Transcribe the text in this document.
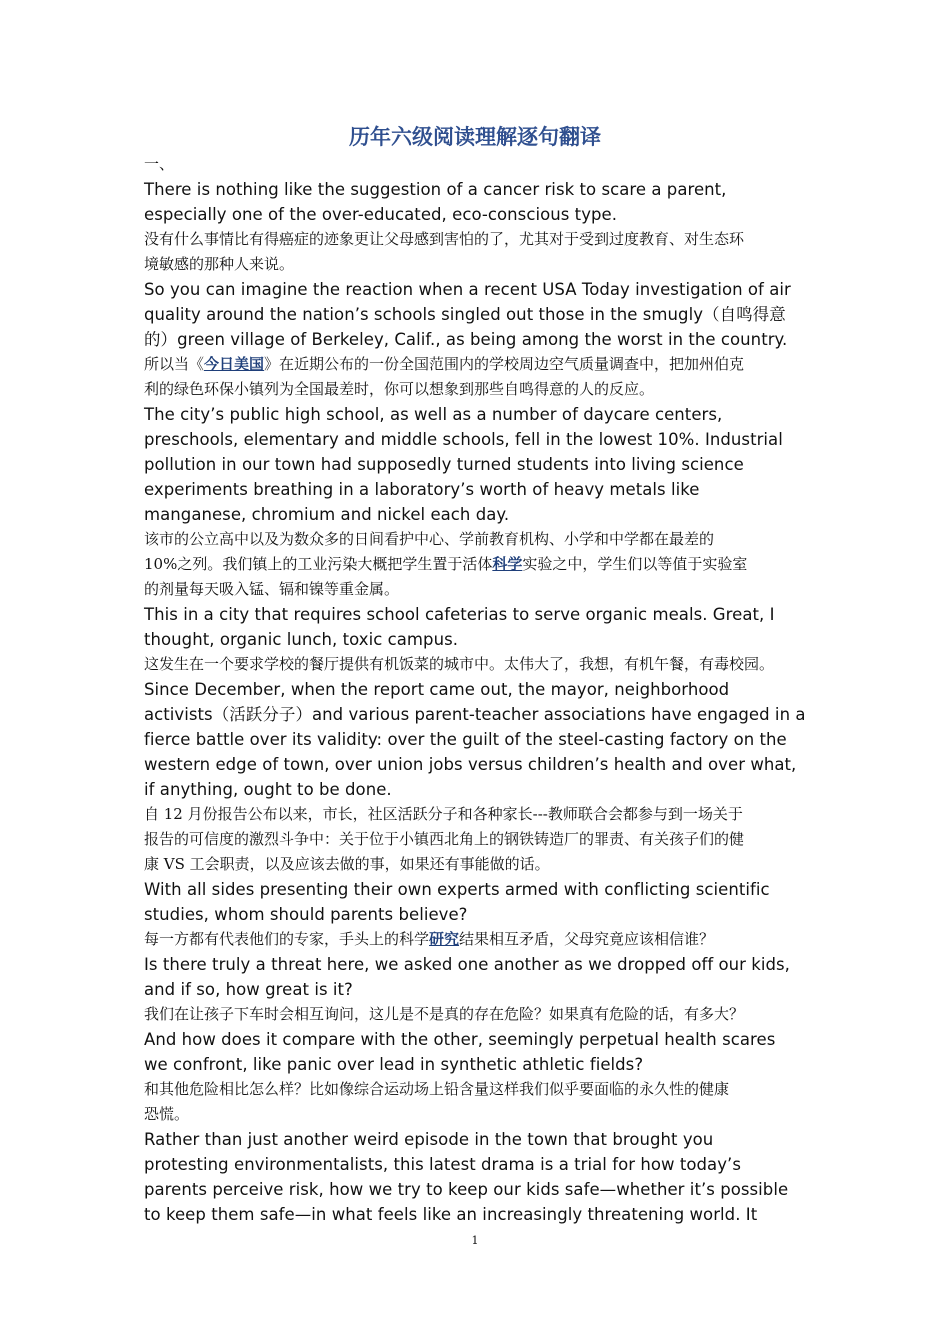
历年六级阅读理解逐句翻译

一、

There is nothing like the suggestion of a cancer risk to scare a parent,

especially one of the over-educated, eco-conscious type.

没有什么事情比有得癌症的迹象更让父母感到害怕的了，尤其对于受到过度教育、对生态环

境敏感的那种人来说。

So you can imagine the reaction when a recent USA Today investigation of air

quality around the nation’s schools singled out those in the smugly（自鸣得意

的）green village of Berkeley, Calif., as being among the worst in the country.

所以当《今日美国》在近期公布的一份全国范围内的学校周边空气质量调查中，把加州伯克

利的绿色环保小镇列为全国最差时，你可以想象到那些自鸣得意的人的反应。

The city’s public high school, as well as a number of daycare centers,

preschools, elementary and middle schools, fell in the lowest 10%. Industrial

pollution in our town had supposedly turned students into living science

experiments breathing in a laboratory’s worth of heavy metals like

manganese, chromium and nickel each day.

该市的公立高中以及为数众多的日间看护中心、学前教育机构、小学和中学都在最差的

10%之列。我们镇上的工业污染大概把学生置于活体科学实验之中，学生们以等值于实验室

的剂量每天吸入锰、镉和镍等重金属。

This in a city that requires school cafeterias to serve organic meals. Great, I

thought, organic lunch, toxic campus.

这发生在一个要求学校的餐厅提供有机饭菜的城市中。太伟大了，我想，有机午餐，有毒校园。

Since December, when the report came out, the mayor, neighborhood

activists（活跃分子）and various parent-teacher associations have engaged in a

fierce battle over its validity: over the guilt of the steel-casting factory on the

western edge of town, over union jobs versus children’s health and over what,

if anything, ought to be done.

自 12 月份报告公布以来，市长，社区活跃分子和各种家长---教师联合会都参与到一场关于

报告的可信度的激烈斗争中：关于位于小镇西北角上的钢铁铸造厂的罪责、有关孩子们的健

康 VS 工会职责，以及应该去做的事，如果还有事能做的话。

With all sides presenting their own experts armed with conflicting scientific

studies, whom should parents believe?

每一方都有代表他们的专家，手头上的科学研究结果相互矛盾，父母究竟应该相信谁？

Is there truly a threat here, we asked one another as we dropped off our kids,

and if so, how great is it?

我们在让孩子下车时会相互询问，这儿是不是真的存在危险？如果真有危险的话，有多大？

And how does it compare with the other, seemingly perpetual health scares

we confront, like panic over lead in synthetic athletic fields?

和其他危险相比怎么样？比如像综合运动场上铅含量这样我们似乎要面临的永久性的健康

恐慌。

Rather than just another weird episode in the town that brought you

protesting environmentalists, this latest drama is a trial for how today’s

parents perceive risk, how we try to keep our kids safe—whether it’s possible

to keep them safe—in what feels like an increasingly threatening world. It

1
